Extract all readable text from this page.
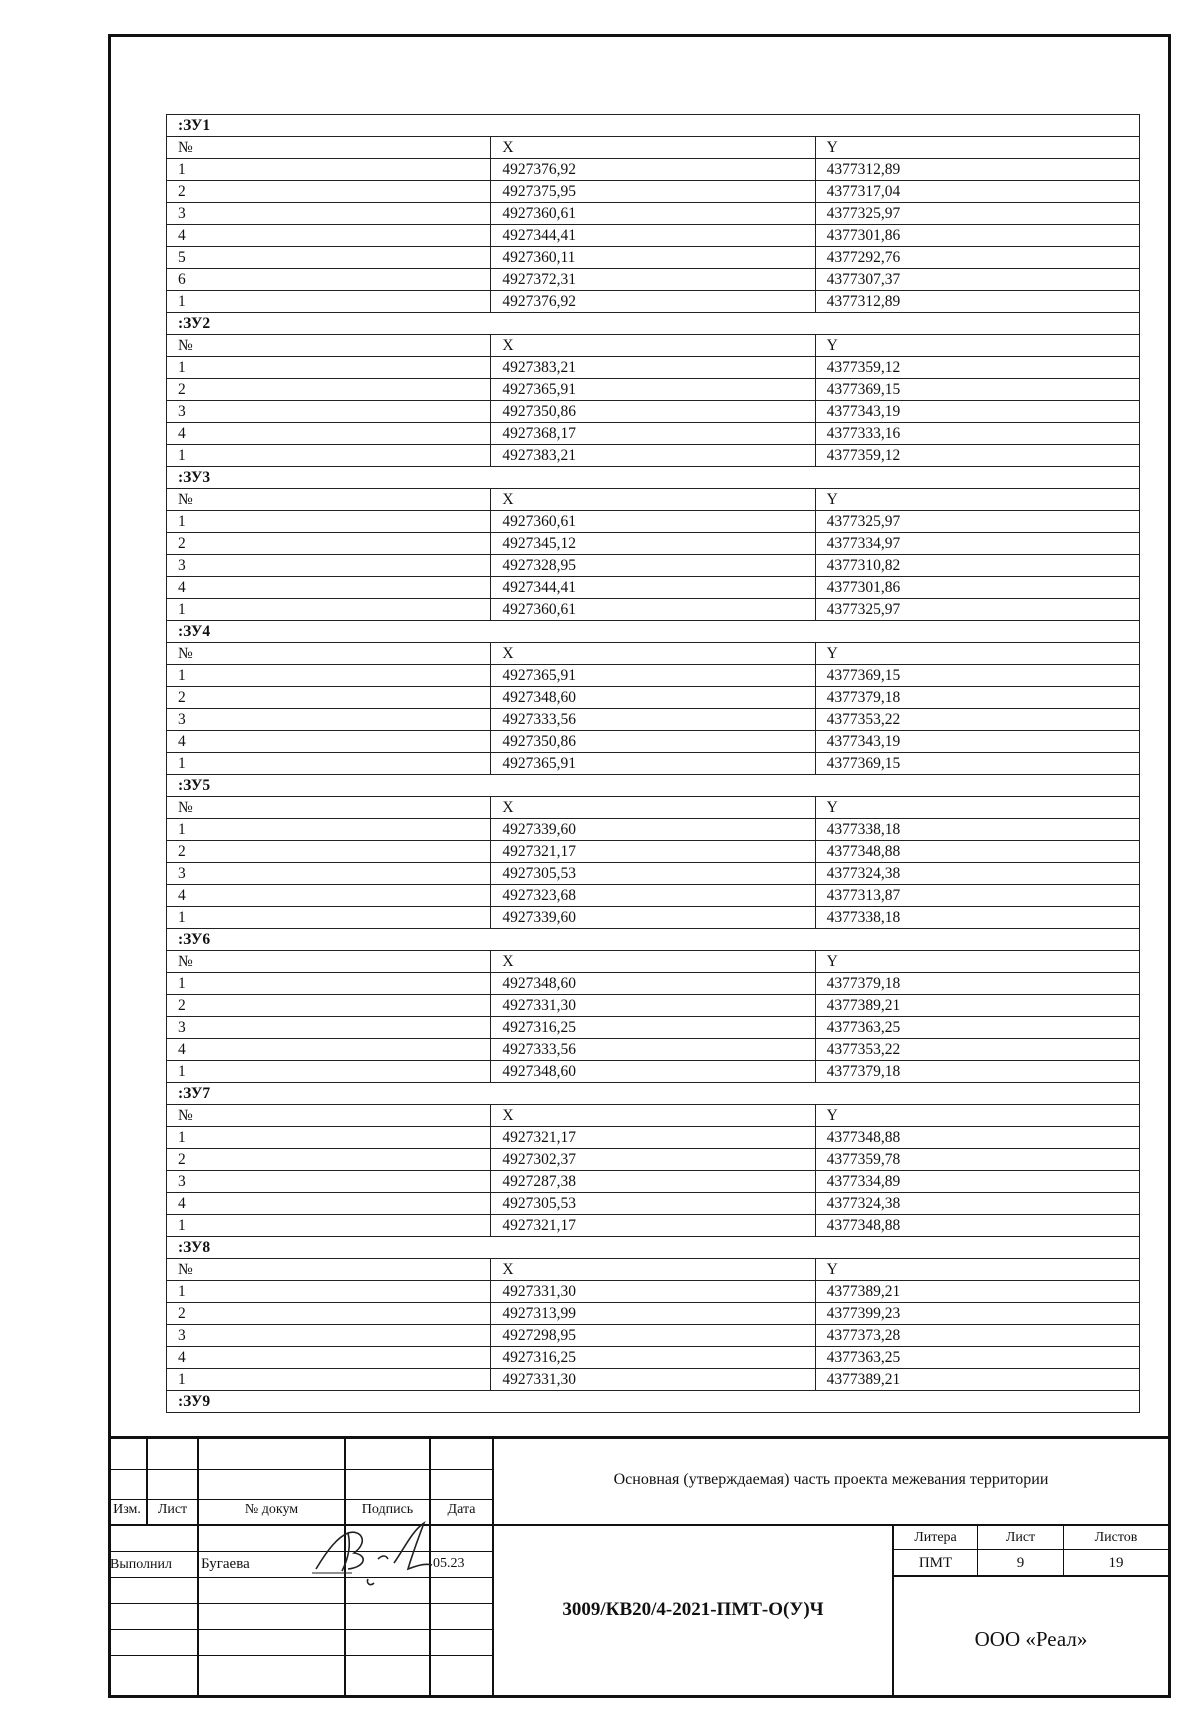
:ЗУ1		
№	X	Y
1	4927376,92	4377312,89
2	4927375,95	4377317,04
3	4927360,61	4377325,97
4	4927344,41	4377301,86
5	4927360,11	4377292,76
6	4927372,31	4377307,37
1	4927376,92	4377312,89
:ЗУ2		
№	X	Y
1	4927383,21	4377359,12
2	4927365,91	4377369,15
3	4927350,86	4377343,19
4	4927368,17	4377333,16
1	4927383,21	4377359,12
:ЗУ3		
№	X	Y
1	4927360,61	4377325,97
2	4927345,12	4377334,97
3	4927328,95	4377310,82
4	4927344,41	4377301,86
1	4927360,61	4377325,97
:ЗУ4		
№	X	Y
1	4927365,91	4377369,15
2	4927348,60	4377379,18
3	4927333,56	4377353,22
4	4927350,86	4377343,19
1	4927365,91	4377369,15
:ЗУ5		
№	X	Y
1	4927339,60	4377338,18
2	4927321,17	4377348,88
3	4927305,53	4377324,38
4	4927323,68	4377313,87
1	4927339,60	4377338,18
:ЗУ6		
№	X	Y
1	4927348,60	4377379,18
2	4927331,30	4377389,21
3	4927316,25	4377363,25
4	4927333,56	4377353,22
1	4927348,60	4377379,18
:ЗУ7		
№	X	Y
1	4927321,17	4377348,88
2	4927302,37	4377359,78
3	4927287,38	4377334,89
4	4927305,53	4377324,38
1	4927321,17	4377348,88
:ЗУ8		
№	X	Y
1	4927331,30	4377389,21
2	4927313,99	4377399,23
3	4927298,95	4377373,28
4	4927316,25	4377363,25
1	4927331,30	4377389,21
:ЗУ9		
Изм.	Лист	№ докум	Подпись	Дата
Выполнил Бугаева	05.23
Основная (утверждаемая) часть проекта межевания территории
3009/КВ20/4-2021-ПМТ-О(У)Ч
Литера	Лист	Листов
ПМТ	9	19
ООО «Реал»
